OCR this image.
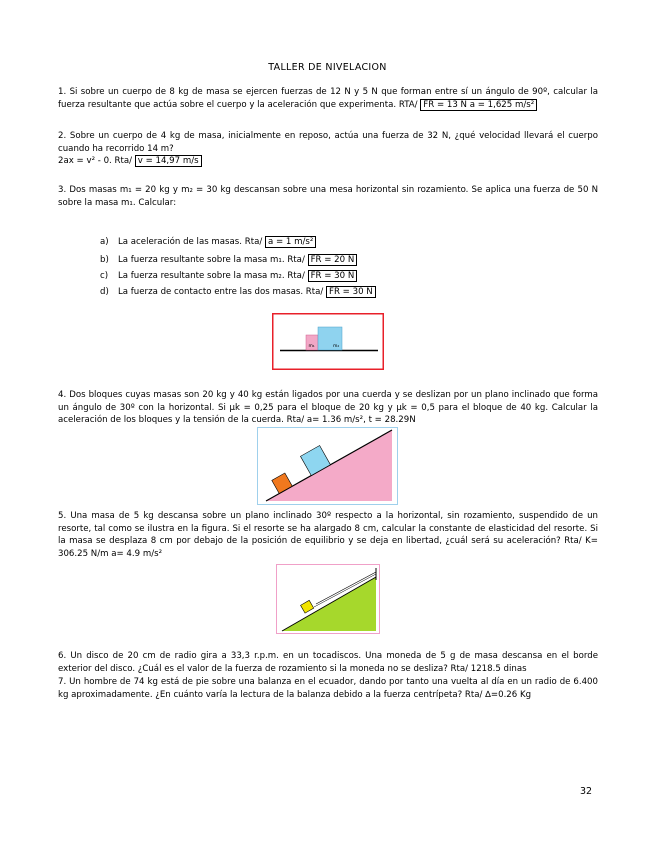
TALLER DE NIVELACION
1. Si sobre un cuerpo de 8 kg de masa se ejercen fuerzas de 12 N y 5 N que forman entre sí un ángulo de 90º, calcular la fuerza resultante que actúa sobre el cuerpo y la aceleración que experimenta. RTA/ FR = 13 N a = 1,625 m/s²
2. Sobre un cuerpo de 4 kg de masa, inicialmente en reposo, actúa una fuerza de 32 N, ¿qué velocidad llevará el cuerpo cuando ha recorrido 14 m?
2ax = v² - 0. Rta/ v = 14,97 m/s
3. Dos masas m₁ = 20 kg y m₂ = 30 kg descansan sobre una mesa horizontal sin rozamiento. Se aplica una fuerza de 50 N sobre la masa m₁. Calcular:
a) La aceleración de las masas. Rta/ a = 1 m/s²
b) La fuerza resultante sobre la masa m₁. Rta/ FR = 20 N
c) La fuerza resultante sobre la masa m₂. Rta/ FR = 30 N
d) La fuerza de contacto entre las dos masas. Rta/ FR = 30 N
m₁	m₂
4. Dos bloques cuyas masas son 20 kg y 40 kg están ligados por una cuerda y se deslizan por un plano inclinado que forma un ángulo de 30º con la horizontal. Si μk = 0,25 para el bloque de 20 kg y μk = 0,5 para el bloque de 40 kg. Calcular la aceleración de los bloques y la tensión de la cuerda. Rta/ a= 1.36 m/s², t = 28.29N
5. Una masa de 5 kg descansa sobre un plano inclinado 30º respecto a la horizontal, sin rozamiento, suspendido de un resorte, tal como se ilustra en la figura. Si el resorte se ha alargado 8 cm, calcular la constante de elasticidad del resorte. Si la masa se desplaza 8 cm por debajo de la posición de equilibrio y se deja en libertad, ¿cuál será su aceleración? Rta/ K= 306.25 N/m a= 4.9 m/s²
6. Un disco de 20 cm de radio gira a 33,3 r.p.m. en un tocadiscos. Una moneda de 5 g de masa descansa en el borde exterior del disco. ¿Cuál es el valor de la fuerza de rozamiento si la moneda no se desliza? Rta/ 1218.5 dinas
7. Un hombre de 74 kg está de pie sobre una balanza en el ecuador, dando por tanto una vuelta al día en un radio de 6.400 kg aproximadamente. ¿En cuánto varía la lectura de la balanza debido a la fuerza centrípeta? Rta/ ∆=0.26 Kg
32
